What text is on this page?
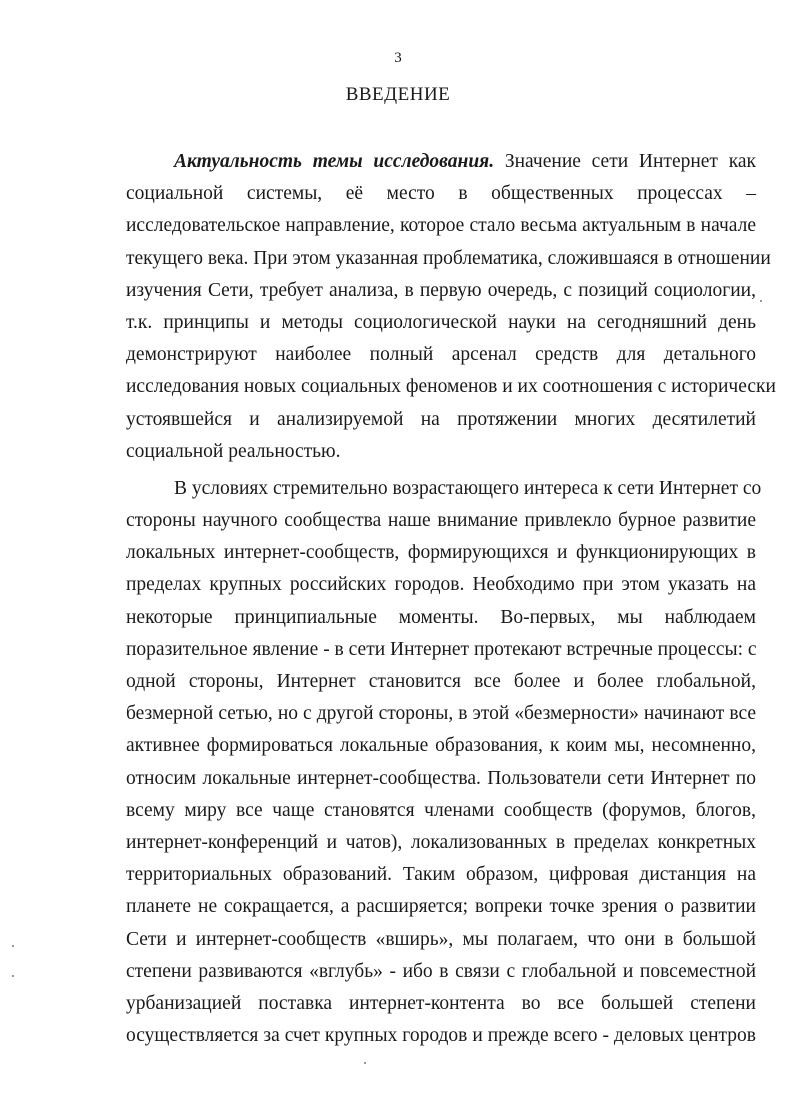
3
ВВЕДЕНИЕ
Актуальность темы исследования. Значение сети Интернет как
социальной системы, её место в общественных процессах –
исследовательское направление, которое стало весьма актуальным в начале
текущего века. При этом указанная проблематика, сложившаяся в отношении
изучения Сети, требует анализа, в первую очередь, с позиций социологии,
т.к. принципы и методы социологической науки на сегодняшний день
демонстрируют наиболее полный арсенал средств для детального
исследования новых социальных феноменов и их соотношения с исторически
устоявшейся и анализируемой на протяжении многих десятилетий
социальной реальностью.
В условиях стремительно возрастающего интереса к сети Интернет со
стороны научного сообщества наше внимание привлекло бурное развитие
локальных интернет-сообществ, формирующихся и функционирующих в
пределах крупных российских городов. Необходимо при этом указать на
некоторые принципиальные моменты. Во-первых, мы наблюдаем
поразительное явление - в сети Интернет протекают встречные процессы: с
одной стороны, Интернет становится все более и более глобальной,
безмерной сетью, но с другой стороны, в этой «безмерности» начинают все
активнее формироваться локальные образования, к коим мы, несомненно,
относим локальные интернет-сообщества. Пользователи сети Интернет по
всему миру все чаще становятся членами сообществ (форумов, блогов,
интернет-конференций и чатов), локализованных в пределах конкретных
территориальных образований. Таким образом, цифровая дистанция на
планете не сокращается, а расширяется; вопреки точке зрения о развитии
Сети и интернет-сообществ «вширь», мы полагаем, что они в большой
степени развиваются «вглубь» - ибо в связи с глобальной и повсеместной
урбанизацией поставка интернет-контента во все большей степени
осуществляется за счет крупных городов и прежде всего - деловых центров
